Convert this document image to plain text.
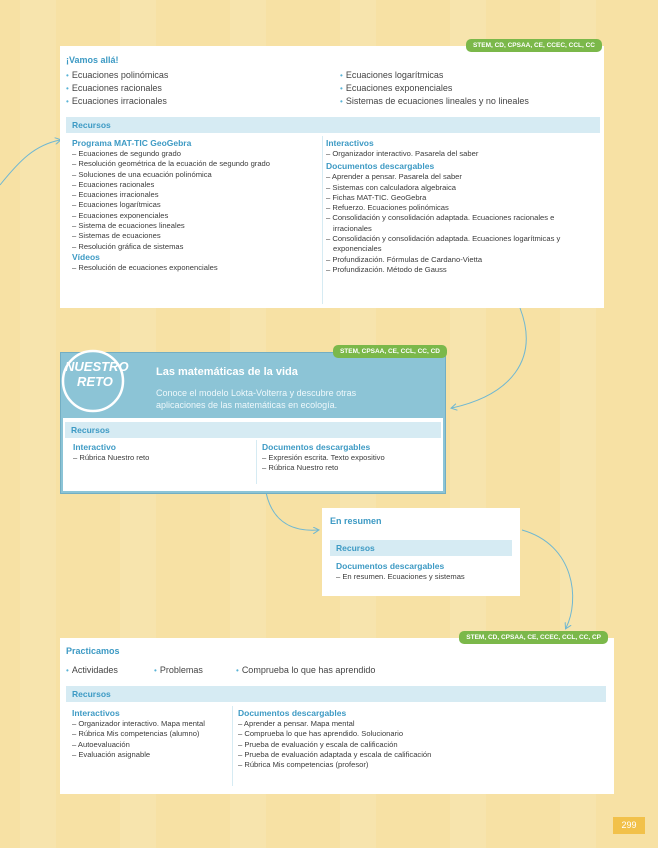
STEM, CD, CPSAA, CE, CCEC, CCL, CC
¡Vamos allá!
• Ecuaciones polinómicas
• Ecuaciones racionales
• Ecuaciones irracionales
• Ecuaciones logarítmicas
• Ecuaciones exponenciales
• Sistemas de ecuaciones lineales y no lineales
Recursos
Programa MAT-TIC GeoGebra
– Ecuaciones de segundo grado
– Resolución geométrica de la ecuación de segundo grado
– Soluciones de una ecuación polinómica
– Ecuaciones racionales
– Ecuaciones irracionales
– Ecuaciones logarítmicas
– Ecuaciones exponenciales
– Sistema de ecuaciones lineales
– Sistemas de ecuaciones
– Resolución gráfica de sistemas
Vídeos
– Resolución de ecuaciones exponenciales
Interactivos
– Organizador interactivo. Pasarela del saber
Documentos descargables
– Aprender a pensar. Pasarela del saber
– Sistemas con calculadora algebraica
– Fichas MAT-TIC. GeoGebra
– Refuerzo. Ecuaciones polinómicas
– Consolidación y consolidación adaptada. Ecuaciones racionales e
irracionales
– Consolidación y consolidación adaptada. Ecuaciones logarítmicas y
exponenciales
– Profundización. Fórmulas de Cardano-Vietta
– Profundización. Método de Gauss
STEM, CPSAA, CE, CCL, CC, CD
NUESTRO
RETO
Las matemáticas de la vida
Conoce el modelo Lokta-Volterra y descubre otras
aplicaciones de las matemáticas en ecología.
Recursos
Interactivo
– Rúbrica Nuestro reto
Documentos descargables
– Expresión escrita. Texto expositivo
– Rúbrica Nuestro reto
En resumen
Recursos
Documentos descargables
– En resumen. Ecuaciones y sistemas
STEM, CD, CPSAA, CE, CCEC, CCL, CC, CP
Practicamos
• Actividades	• Problemas	• Comprueba lo que has aprendido
Recursos
Interactivos
– Organizador interactivo. Mapa mental
– Rúbrica Mis competencias (alumno)
– Autoevaluación
– Evaluación asignable
Documentos descargables
– Aprender a pensar. Mapa mental
– Comprueba lo que has aprendido. Solucionario
– Prueba de evaluación y escala de calificación
– Prueba de evaluación adaptada y escala de calificación
– Rúbrica Mis competencias (profesor)
299
